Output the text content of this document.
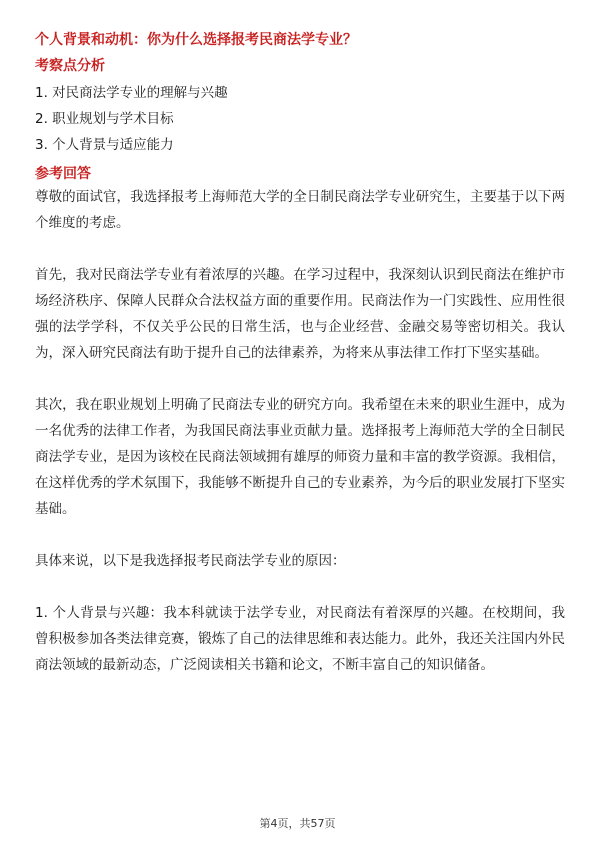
个人背景和动机：你为什么选择报考民商法学专业？
考察点分析
1. 对民商法学专业的理解与兴趣
2. 职业规划与学术目标
3. 个人背景与适应能力
参考回答

尊敬的面试官，我选择报考上海师范大学的全日制民商法学专业研究生，主要基于以下两个维度的考虑。

首先，我对民商法学专业有着浓厚的兴趣。在学习过程中，我深刻认识到民商法在维护市场经济秩序、保障人民群众合法权益方面的重要作用。民商法作为一门实践性、应用性很强的法学学科，不仅关乎公民的日常生活，也与企业经营、金融交易等密切相关。我认为，深入研究民商法有助于提升自己的法律素养，为将来从事法律工作打下坚实基础。

其次，我在职业规划上明确了民商法专业的研究方向。我希望在未来的职业生涯中，成为一名优秀的法律工作者，为我国民商法事业贡献力量。选择报考上海师范大学的全日制民商法学专业，是因为该校在民商法领域拥有雄厚的师资力量和丰富的教学资源。我相信，在这样优秀的学术氛围下，我能够不断提升自己的专业素养，为今后的职业发展打下坚实基础。

具体来说，以下是我选择报考民商法学专业的原因：

1. 个人背景与兴趣：我本科就读于法学专业，对民商法有着深厚的兴趣。在校期间，我曾积极参加各类法律竞赛，锻炼了自己的法律思维和表达能力。此外，我还关注国内外民商法领域的最新动态，广泛阅读相关书籍和论文，不断丰富自己的知识储备。

第4页，共57页
